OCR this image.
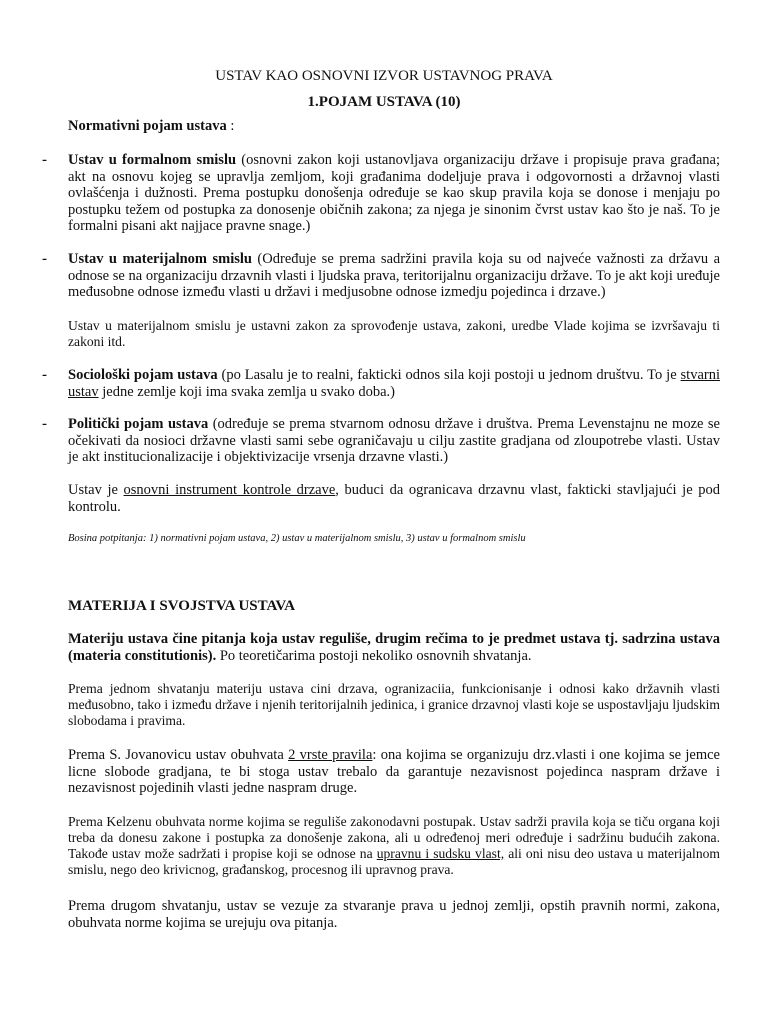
USTAV KAO OSNOVNI IZVOR USTAVNOG PRAVA
1.POJAM USTAVA (10)
Normativni pojam ustava :
- Ustav u formalnom smislu (osnovni zakon koji ustanovljava organizaciju države i propisuje prava građana; akt na osnovu kojeg se upravlja zemljom, koji građanima dodeljuje prava i odgovornosti a državnoj vlasti ovlašćenja i dužnosti. Prema postupku donošenja određuje se kao skup pravila koja se donose i menjaju po postupku težem od postupka za donosenje običnih zakona; za njega je sinonim čvrst ustav kao što je naš. To je formalni pisani akt najjace pravne snage.)
- Ustav u materijalnom smislu (Određuje se prema sadržini pravila koja su od najveće važnosti za državu a odnose se na organizaciju drzavnih vlasti i ljudska prava, teritorijalnu organizaciju države. To je akt koji uređuje međusobne odnose između vlasti u državi i medjusobne odnose izmedju pojedinca i drzave.)
Ustav u materijalnom smislu je ustavni zakon za sprovođenje ustava, zakoni, uredbe Vlade kojima se izvršavaju ti zakoni itd.
- Sociološki pojam ustava (po Lasalu je to realni, fakticki odnos sila koji postoji u jednom društvu. To je stvarni ustav jedne zemlje koji ima svaka zemlja u svako doba.)
- Politički pojam ustava (određuje se prema stvarnom odnosu države i društva. Prema Levenstajnu ne moze se očekivati da nosioci državne vlasti sami sebe ograničavaju u cilju zastite gradjana od zloupotrebe vlasti. Ustav je akt institucionalizacije i objektivizacije vrsenja drzavne vlasti.)
Ustav je osnovni instrument kontrole drzave, buduci da ogranicava drzavnu vlast, fakticki stavljajući je pod kontrolu.
Bosina potpitanja: 1) normativni pojam ustava, 2) ustav u materijalnom smislu, 3) ustav u formalnom smislu
MATERIJA I SVOJSTVA USTAVA
Materiju ustava čine pitanja koja ustav reguliše, drugim rečima to je predmet ustava tj. sadrzina ustava (materia constitutionis). Po teoretičarima postoji nekoliko osnovnih shvatanja.
Prema jednom shvatanju materiju ustava cini drzava, ogranizaciia, funkcionisanje i odnosi kako državnih vlasti međusobno, tako i između države i njenih teritorijalnih jedinica, i granice drzavnoj vlasti koje se uspostavljaju ljudskim slobodama i pravima.
Prema S. Jovanovicu ustav obuhvata 2 vrste pravila: ona kojima se organizuju drz.vlasti i one kojima se jemce licne slobode gradjana, te bi stoga ustav trebalo da garantuje nezavisnost pojedinca naspram države i nezavisnost pojedinih vlasti jedne naspram druge.
Prema Kelzenu obuhvata norme kojima se reguliše zakonodavni postupak. Ustav sadrži pravila koja se tiču organa koji treba da donesu zakone i postupka za donošenje zakona, ali u određenoj meri određuje i sadržinu budućih zakona. Takođe ustav može sadržati i propise koji se odnose na upravnu i sudsku vlast, ali oni nisu deo ustava u materijalnom smislu, nego deo krivicnog, građanskog, procesnog ili upravnog prava.
Prema drugom shvatanju, ustav se vezuje za stvaranje prava u jednoj zemlji, opstih pravnih normi, zakona, obuhvata norme kojima se urejuju ova pitanja.
